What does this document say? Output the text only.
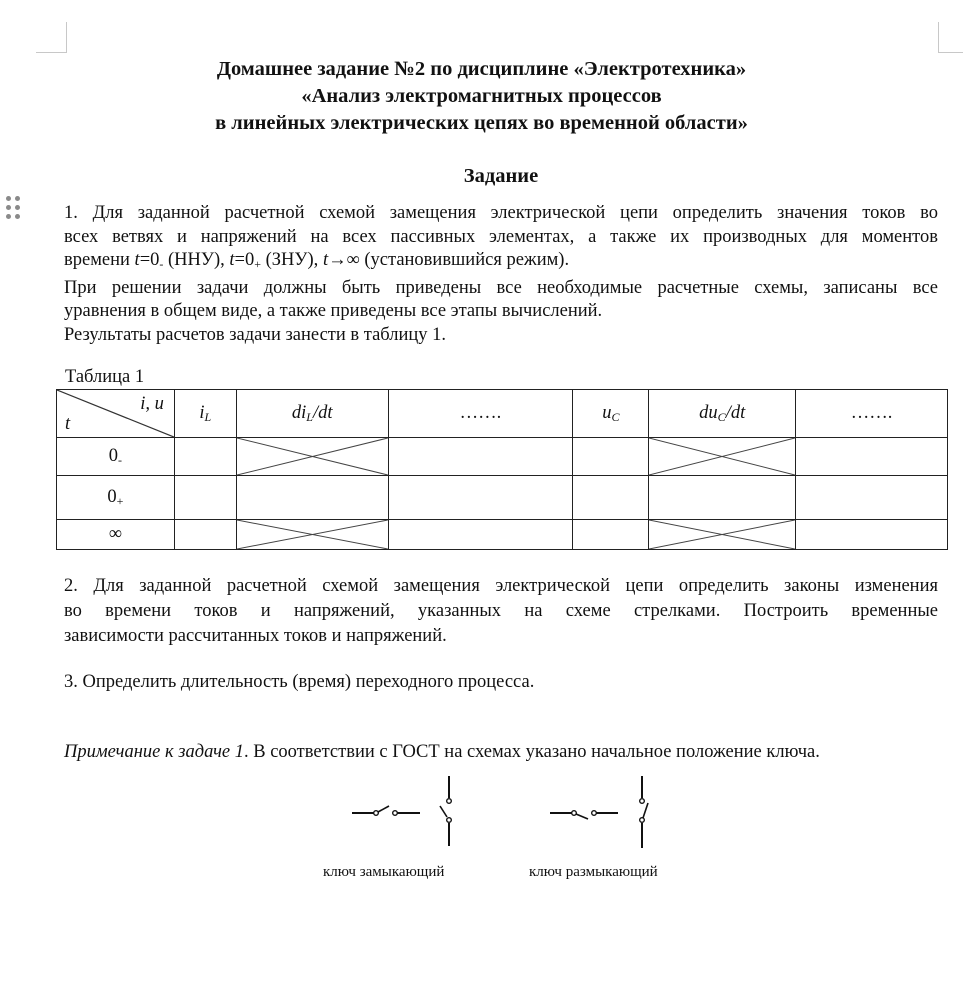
Домашнее задание №2 по дисциплине «Электротехника»
«Анализ электромагнитных процессов
в линейных электрических цепях во временной области»
Задание

1. Для заданной расчетной схемой замещения электрической цепи определить значения токов во

всех ветвях и напряжений на всех пассивных элементах, а также их производных для моментов

времени $t=0_-$ (ННУ), $t=0_+$ (ЗНУ), t→∞ (установившийся режим).

При решении задачи должны быть приведены все необходимые расчетные схемы, записаны все

уравнения в общем виде, а также приведены все этапы вычислений.

Результаты расчетов задачи занести в таблицу 1.

Таблица 1
i, u
t	$i_L$	$di_L/dt$	…….	$u_C$	$du_C/dt$	…….
$0_-$		

$0_+$						
∞		

2. Для заданной расчетной схемой замещения электрической цепи определить законы изменения

во времени токов и напряжений, указанных на схеме стрелками. Построить временные

зависимости рассчитанных токов и напряжений.

3. Определить длительность (время) переходного процесса.

Примечание к задаче 1. В соответствии с ГОСТ на схемах указано начальное положение ключа.
ключ замыкающий	ключ размыкающий
